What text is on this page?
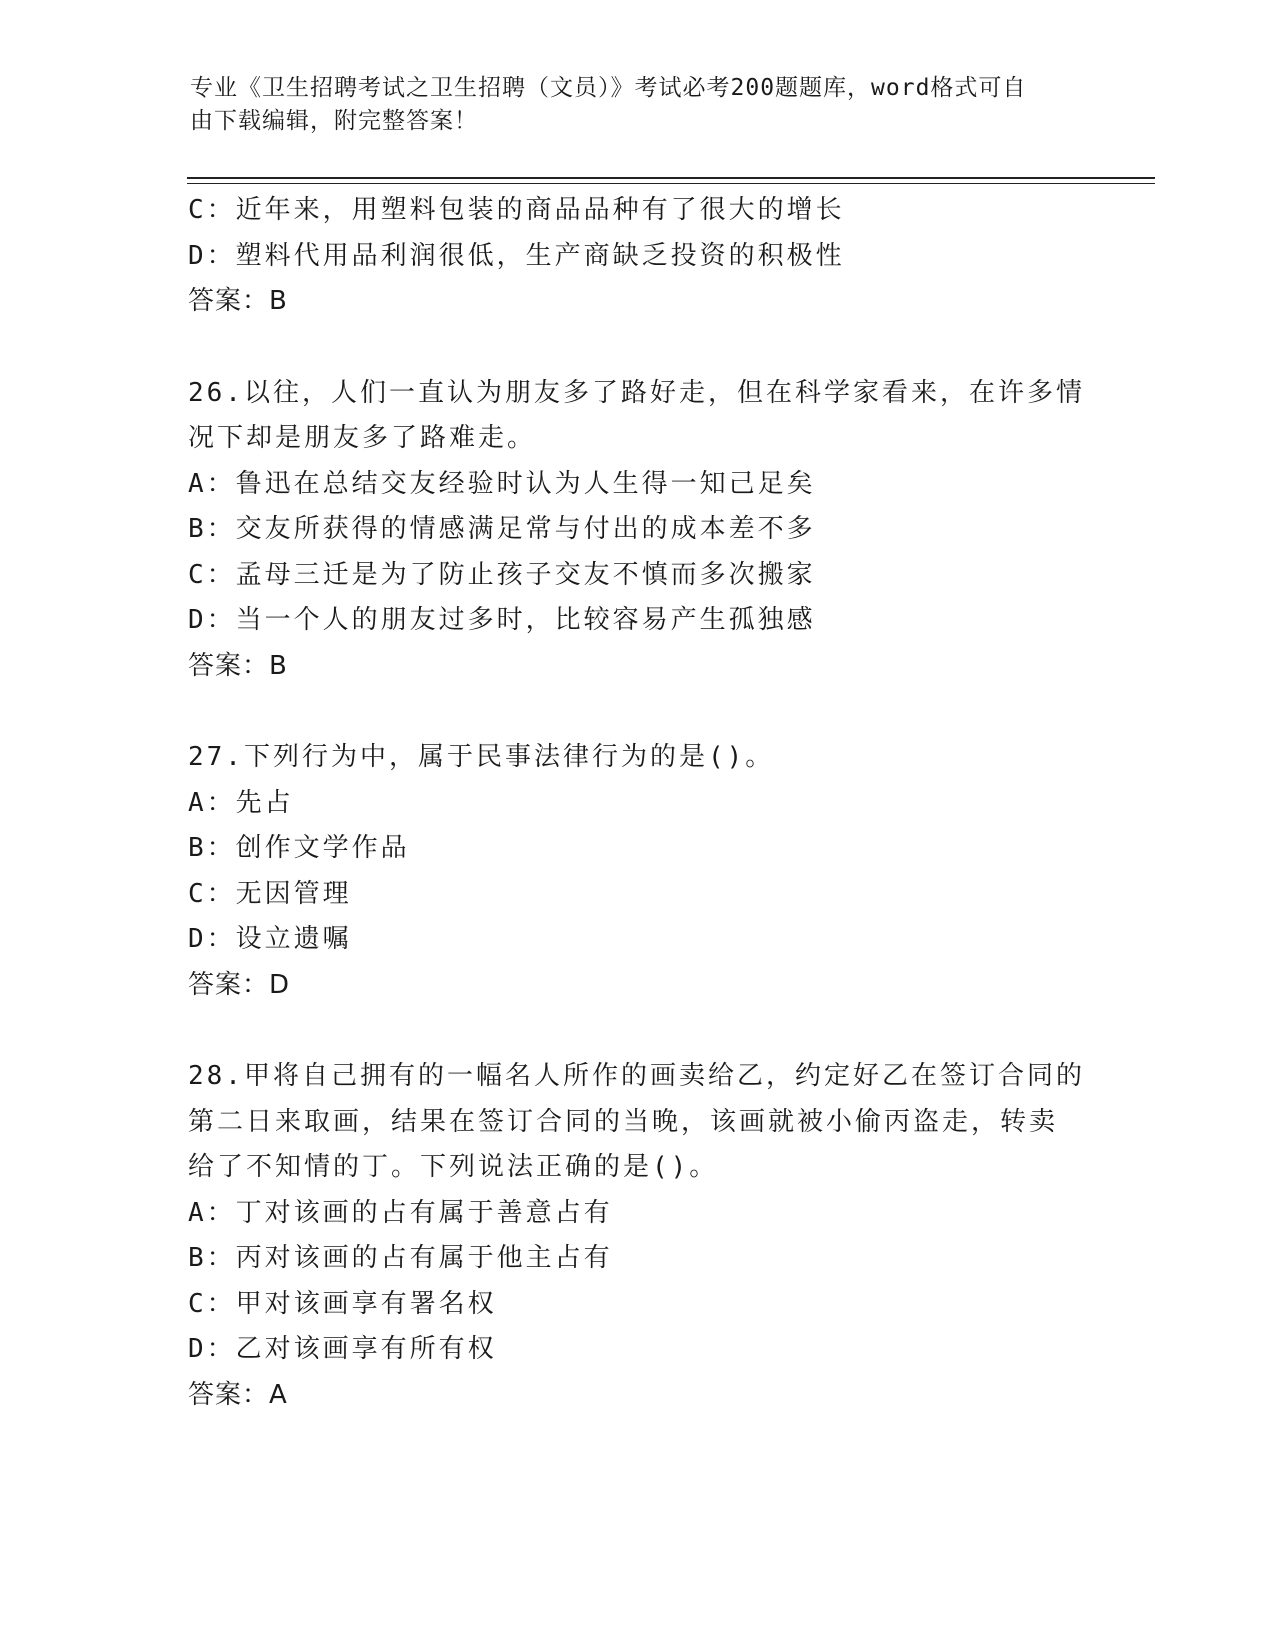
专业《卫生招聘考试之卫生招聘（文员）》考试必考200题题库，word格式可自
由下载编辑，附完整答案！
C：近年来，用塑料包装的商品品种有了很大的增长
D：塑料代用品利润很低，生产商缺乏投资的积极性
答案：B
26.以往，人们一直认为朋友多了路好走，但在科学家看来，在许多情
况下却是朋友多了路难走。
A：鲁迅在总结交友经验时认为人生得一知己足矣
B：交友所获得的情感满足常与付出的成本差不多
C：孟母三迁是为了防止孩子交友不慎而多次搬家
D：当一个人的朋友过多时，比较容易产生孤独感
答案：B
27.下列行为中，属于民事法律行为的是()。
A：先占
B：创作文学作品
C：无因管理
D：设立遗嘱
答案：D
28.甲将自己拥有的一幅名人所作的画卖给乙，约定好乙在签订合同的
第二日来取画，结果在签订合同的当晚，该画就被小偷丙盗走，转卖
给了不知情的丁。下列说法正确的是()。
A：丁对该画的占有属于善意占有
B：丙对该画的占有属于他主占有
C：甲对该画享有署名权
D：乙对该画享有所有权
答案：A
